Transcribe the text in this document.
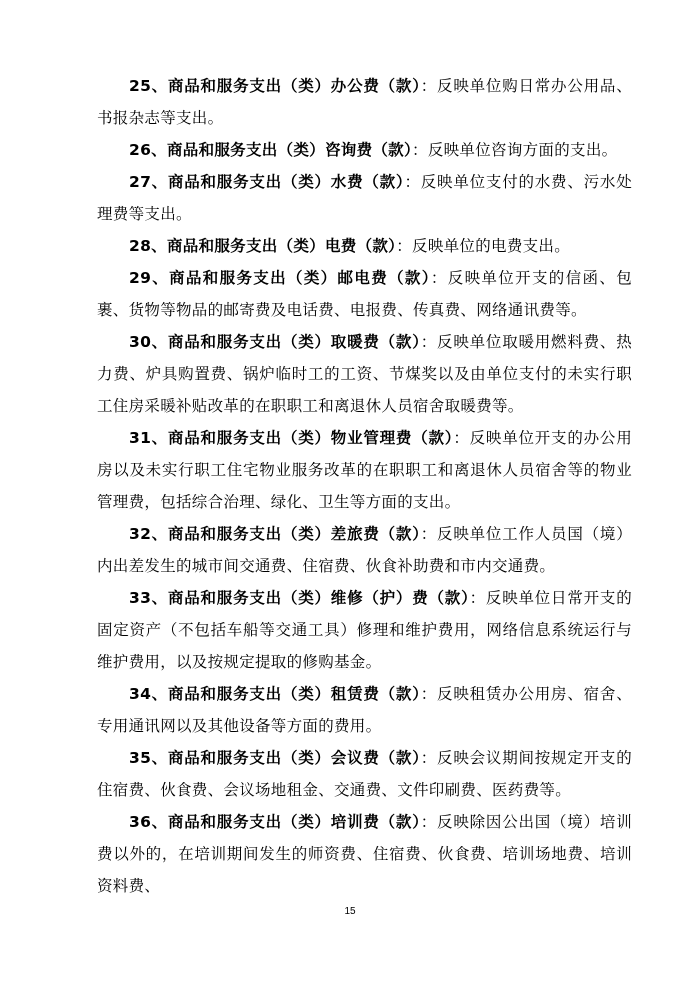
25、商品和服务支出（类）办公费（款）：反映单位购日常办公用品、书报杂志等支出。

26、商品和服务支出（类）咨询费（款）：反映单位咨询方面的支出。

27、商品和服务支出（类）水费（款）：反映单位支付的水费、污水处理费等支出。

28、商品和服务支出（类）电费（款）：反映单位的电费支出。

29、商品和服务支出（类）邮电费（款）：反映单位开支的信函、包裹、货物等物品的邮寄费及电话费、电报费、传真费、网络通讯费等。

30、商品和服务支出（类）取暖费（款）：反映单位取暖用燃料费、热力费、炉具购置费、锅炉临时工的工资、节煤奖以及由单位支付的未实行职工住房采暖补贴改革的在职职工和离退休人员宿舍取暖费等。

31、商品和服务支出（类）物业管理费（款）：反映单位开支的办公用房以及未实行职工住宅物业服务改革的在职职工和离退休人员宿舍等的物业管理费，包括综合治理、绿化、卫生等方面的支出。

32、商品和服务支出（类）差旅费（款）：反映单位工作人员国（境）内出差发生的城市间交通费、住宿费、伙食补助费和市内交通费。

33、商品和服务支出（类）维修（护）费（款）：反映单位日常开支的固定资产（不包括车船等交通工具）修理和维护费用，网络信息系统运行与维护费用，以及按规定提取的修购基金。

34、商品和服务支出（类）租赁费（款）：反映租赁办公用房、宿舍、专用通讯网以及其他设备等方面的费用。

35、商品和服务支出（类）会议费（款）：反映会议期间按规定开支的住宿费、伙食费、会议场地租金、交通费、文件印刷费、医药费等。

36、商品和服务支出（类）培训费（款）：反映除因公出国（境）培训费以外的，在培训期间发生的师资费、住宿费、伙食费、培训场地费、培训资料费、

15
